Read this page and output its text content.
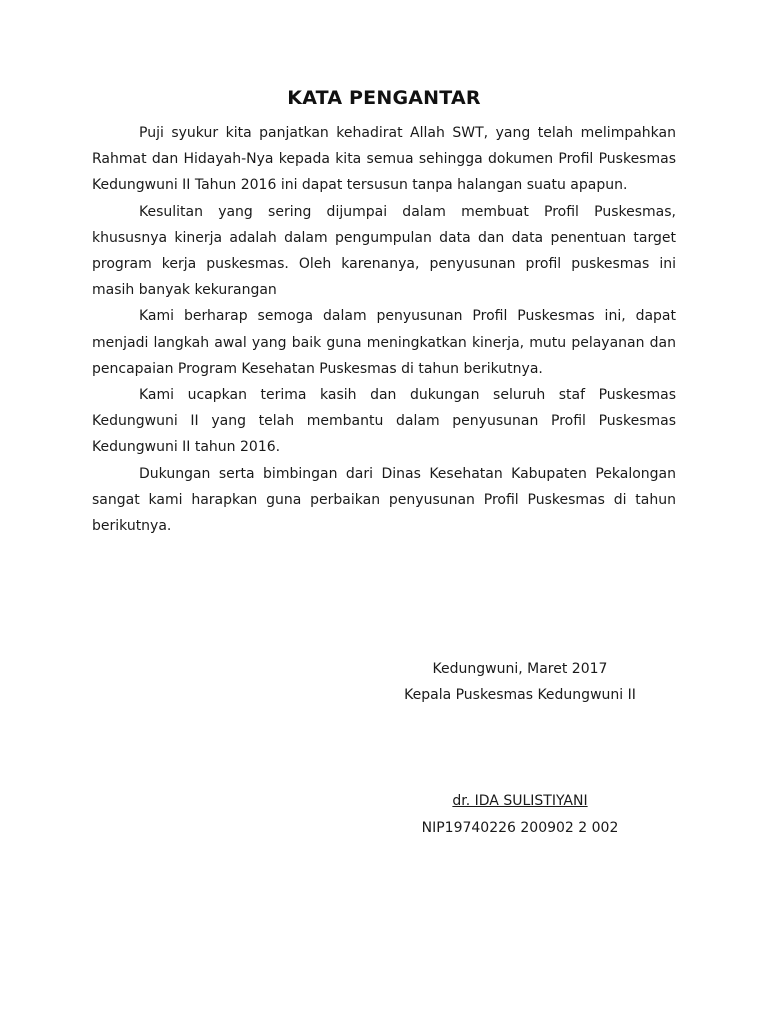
KATA PENGANTAR

Puji syukur kita panjatkan kehadirat Allah SWT, yang telah melimpahkan Rahmat dan Hidayah-Nya kepada kita semua sehingga dokumen Profil Puskesmas Kedungwuni II Tahun 2016 ini dapat tersusun tanpa halangan suatu apapun.

Kesulitan yang sering dijumpai dalam membuat Profil Puskesmas, khususnya kinerja adalah dalam pengumpulan data dan data penentuan target program kerja puskesmas. Oleh karenanya, penyusunan profil puskesmas ini masih banyak kekurangan

Kami berharap semoga dalam penyusunan Profil Puskesmas ini, dapat menjadi langkah awal yang baik guna meningkatkan kinerja, mutu pelayanan dan pencapaian Program Kesehatan Puskesmas di tahun berikutnya.

Kami ucapkan terima kasih dan dukungan seluruh staf Puskesmas Kedungwuni II yang telah membantu dalam penyusunan Profil Puskesmas Kedungwuni II tahun 2016.

Dukungan serta bimbingan dari Dinas Kesehatan Kabupaten Pekalongan sangat kami harapkan guna perbaikan penyusunan Profil Puskesmas di tahun berikutnya.

Kedungwuni, Maret 2017
Kepala Puskesmas Kedungwuni II
dr. IDA SULISTIYANI
NIP19740226 200902 2 002
